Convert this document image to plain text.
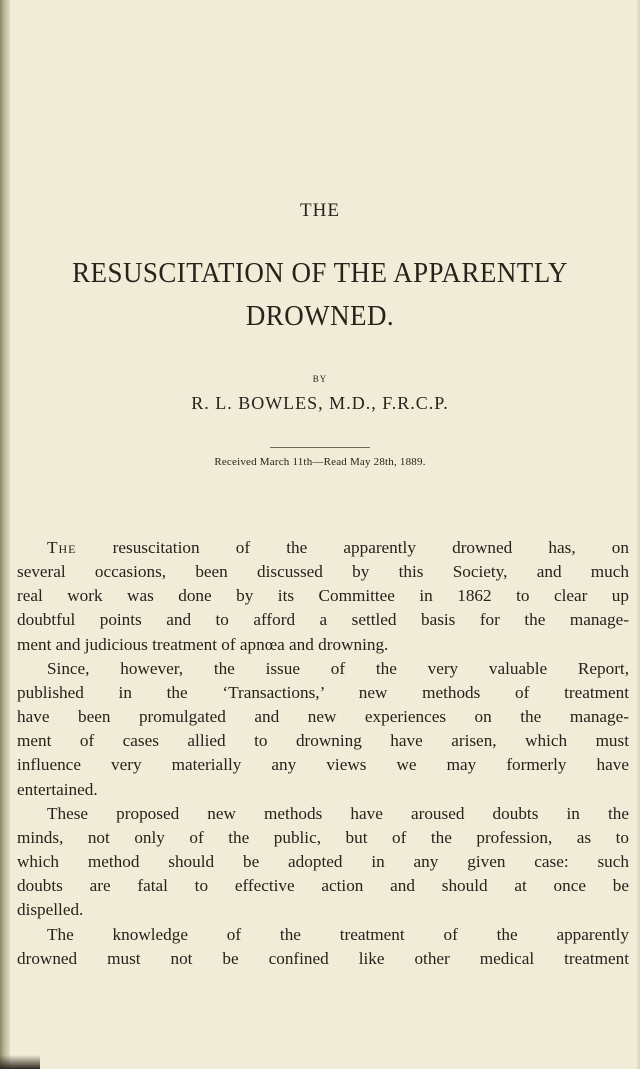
THE
RESUSCITATION OF THE APPARENTLY
DROWNED.
BY
R. L. BOWLES, M.D., F.R.C.P.
Received March 11th—Read May 28th, 1889.
The resuscitation of the apparently drowned has, on
several occasions, been discussed by this Society, and much
real work was done by its Committee in 1862 to clear up
doubtful points and to afford a settled basis for the manage-
ment and judicious treatment of apnœa and drowning.
Since, however, the issue of the very valuable Report,
published in the ‘Transactions,’ new methods of treatment
have been promulgated and new experiences on the manage-
ment of cases allied to drowning have arisen, which must
influence very materially any views we may formerly have
entertained.
These proposed new methods have aroused doubts in the
minds, not only of the public, but of the profession, as to
which method should be adopted in any given case: such
doubts are fatal to effective action and should at once be
dispelled.
The knowledge of the treatment of the apparently
drowned must not be confined like other medical treatment
